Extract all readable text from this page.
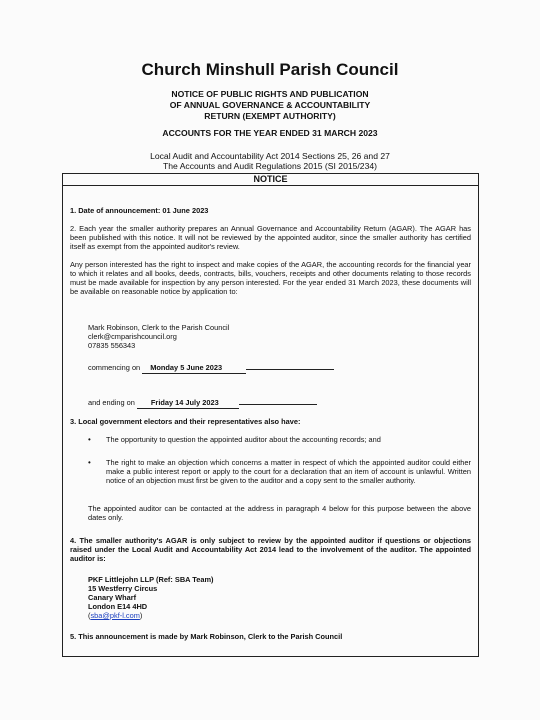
Church Minshull Parish Council
NOTICE OF PUBLIC RIGHTS AND PUBLICATION
OF ANNUAL GOVERNANCE & ACCOUNTABILITY
RETURN (EXEMPT AUTHORITY)
ACCOUNTS FOR THE YEAR ENDED 31 MARCH 2023
Local Audit and Accountability Act 2014 Sections 25, 26 and 27
The Accounts and Audit Regulations 2015 (SI 2015/234)
NOTICE
1. Date of announcement: 01 June 2023
2. Each year the smaller authority prepares an Annual Governance and Accountability Return (AGAR). The AGAR has been published with this notice. It will not be reviewed by the appointed auditor, since the smaller authority has certified itself as exempt from the appointed auditor's review.
Any person interested has the right to inspect and make copies of the AGAR, the accounting records for the financial year to which it relates and all books, deeds, contracts, bills, vouchers, receipts and other documents relating to those records must be made available for inspection by any person interested. For the year ended 31 March 2023, these documents will be available on reasonable notice by application to:
Mark Robinson, Clerk to the Parish Council
clerk@cmparishcouncil.org
07835 556343
commencing on Monday 5 June 2023
and ending on Friday 14 July 2023
3. Local government electors and their representatives also have:
• The opportunity to question the appointed auditor about the accounting records; and
• The right to make an objection which concerns a matter in respect of which the appointed auditor could either make a public interest report or apply to the court for a declaration that an item of account is unlawful. Written notice of an objection must first be given to the auditor and a copy sent to the smaller authority.
The appointed auditor can be contacted at the address in paragraph 4 below for this purpose between the above dates only.
4. The smaller authority's AGAR is only subject to review by the appointed auditor if questions or objections raised under the Local Audit and Accountability Act 2014 lead to the involvement of the auditor. The appointed auditor is:
PKF Littlejohn LLP (Ref: SBA Team)
15 Westferry Circus
Canary Wharf
London E14 4HD
(sba@pkf-l.com)
5. This announcement is made by Mark Robinson, Clerk to the Parish Council
